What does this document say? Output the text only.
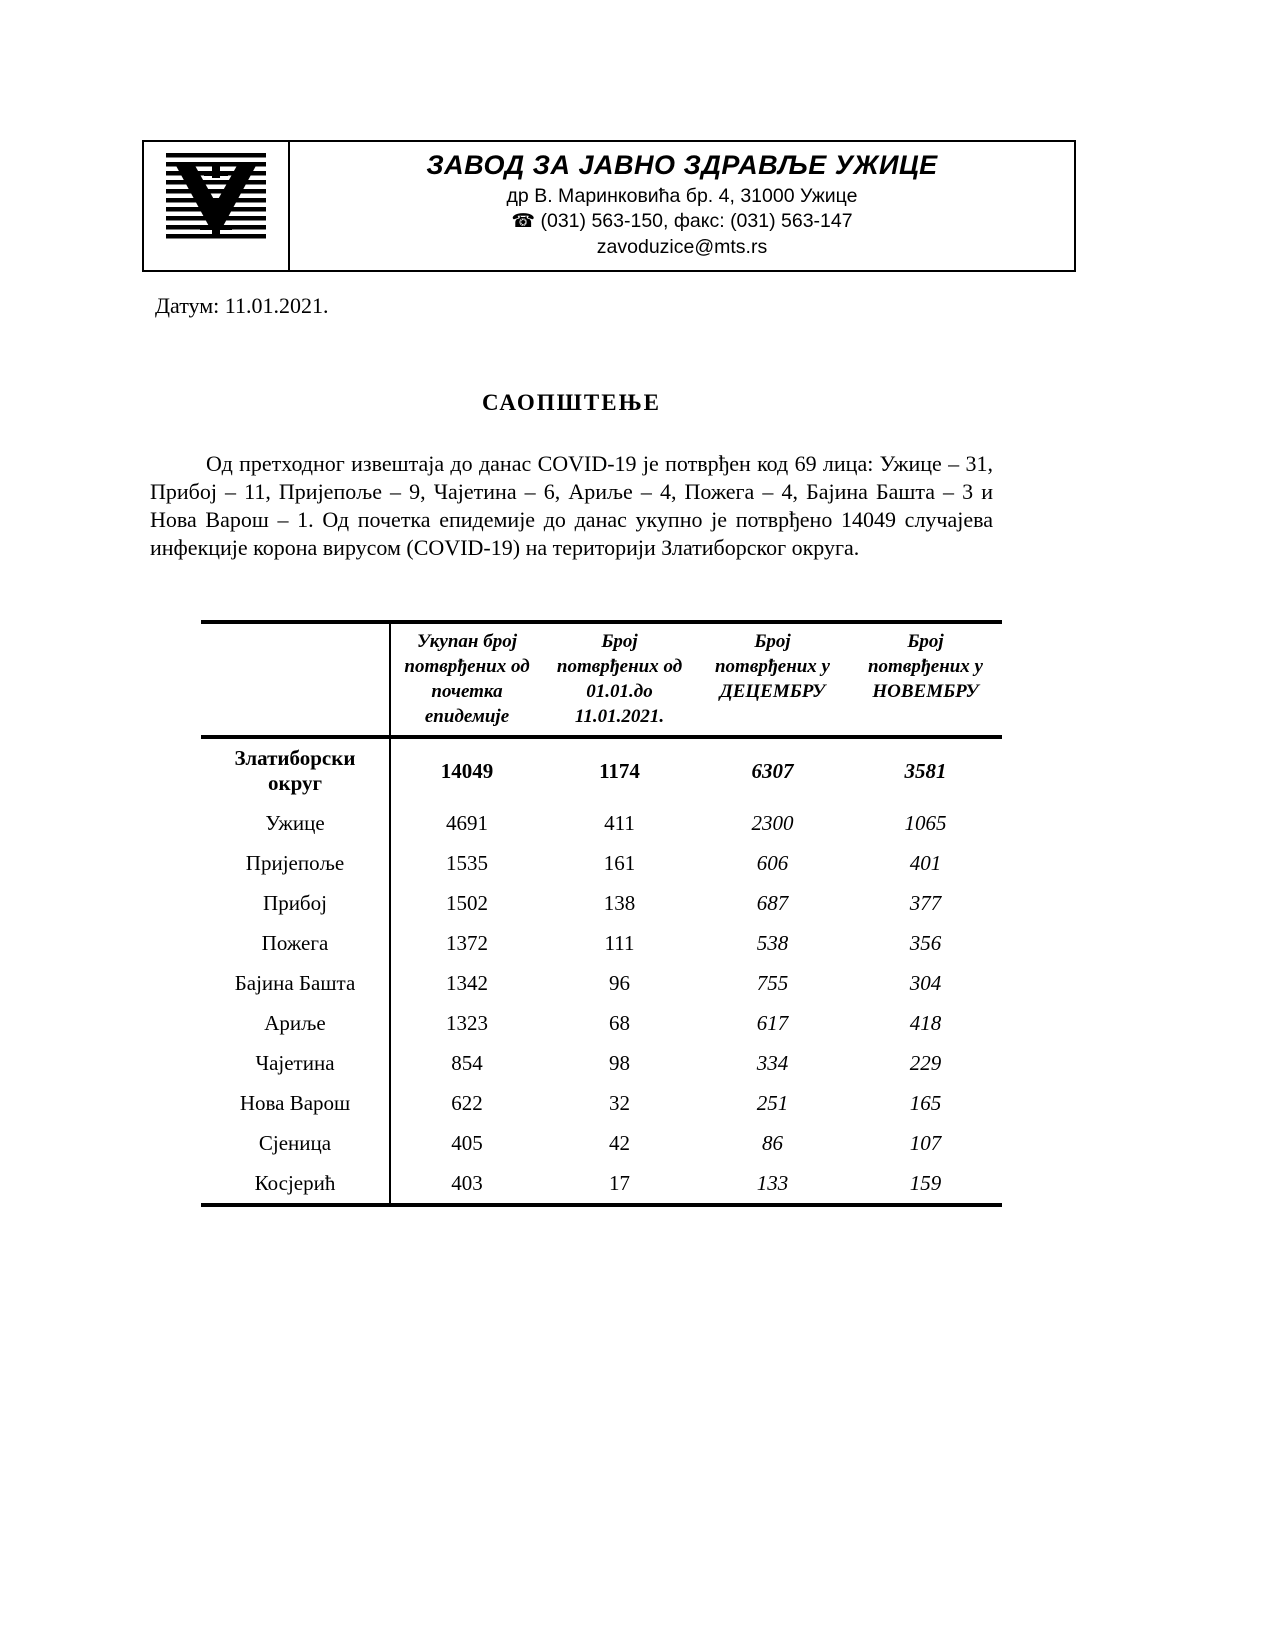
ЗАВОД ЗА ЈАВНО ЗДРАВЉЕ УЖИЦЕ
др В. Маринковића бр. 4, 31000 Ужице
☎ (031) 563-150, факс: (031) 563-147
zavoduzice@mts.rs
Датум: 11.01.2021.
САОПШТЕЊЕ
Од претходног извештаја до данас COVID-19 је потврђен код 69 лица: Ужице – 31, Прибој – 11, Пријепоље – 9, Чајетина – 6, Ариље – 4, Пожега – 4, Бајина Башта – 3 и Нова Варош – 1. Од почетка епидемије до данас укупно је потврђено 14049 случајева инфекције корона вирусом (COVID-19) на територији Златиборског округа.
	Укупан број потврђених од почетка епидемије	Број потврђених од 01.01.до 11.01.2021.	Број потврђених у ДЕЦЕМБРУ	Број потврђених у НОВЕМБРУ
Златиборски округ	14049	1174	6307	3581
Ужице	4691	411	2300	1065
Пријепоље	1535	161	606	401
Прибој	1502	138	687	377
Пожега	1372	111	538	356
Бајина Башта	1342	96	755	304
Ариље	1323	68	617	418
Чајетина	854	98	334	229
Нова Варош	622	32	251	165
Сјеница	405	42	86	107
Косјерић	403	17	133	159
